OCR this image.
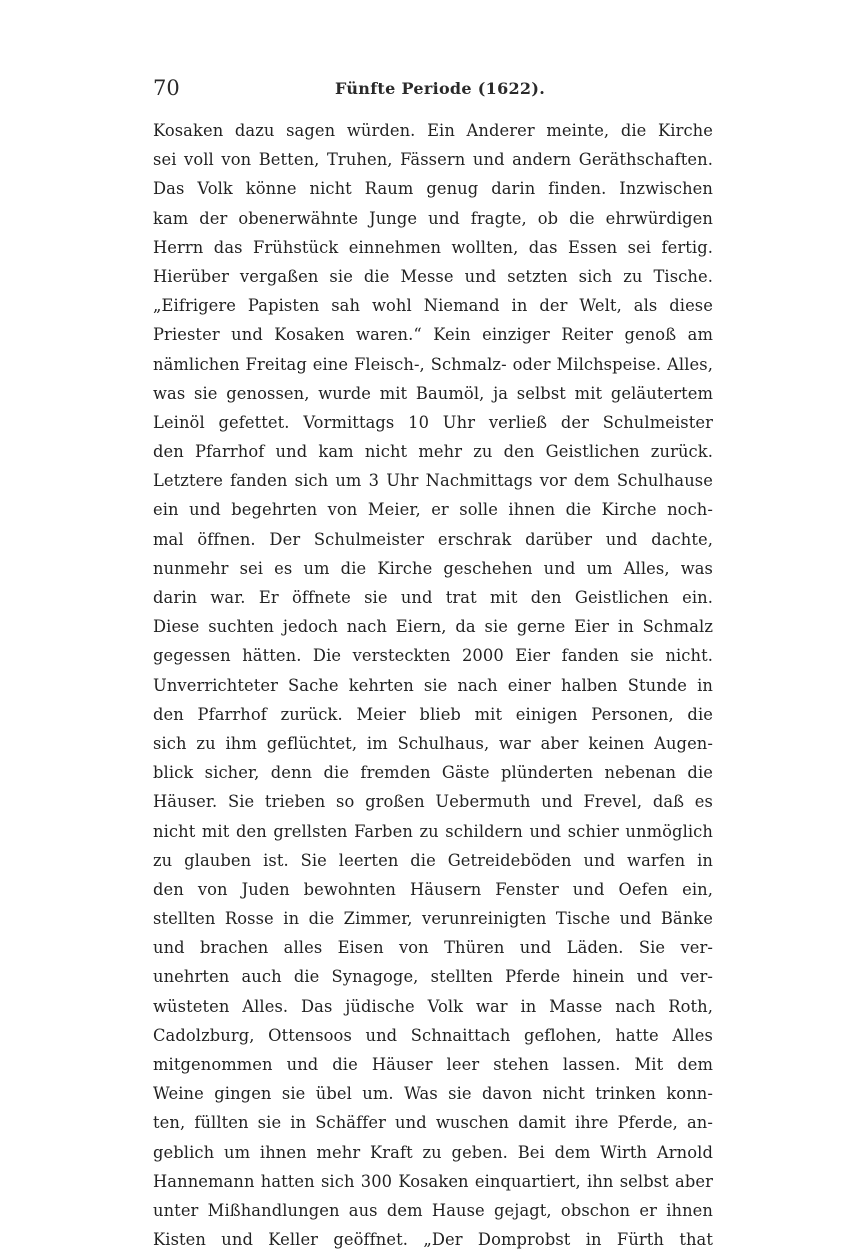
70	Fünfte Periode (1622).
Kosaken dazu sagen würden. Ein Anderer meinte, die Kirche
sei voll von Betten, Truhen, Fässern und andern Geräthschaften.
Das Volk könne nicht Raum genug darin finden. Inzwischen
kam der obenerwähnte Junge und fragte, ob die ehrwürdigen
Herrn das Frühstück einnehmen wollten, das Essen sei fertig.
Hierüber vergaßen sie die Messe und setzten sich zu Tische.
„Eifrigere Papisten sah wohl Niemand in der Welt, als diese
Priester und Kosaken waren.“ Kein einziger Reiter genoß am
nämlichen Freitag eine Fleisch-, Schmalz- oder Milchspeise. Alles,
was sie genossen, wurde mit Baumöl, ja selbst mit geläutertem
Leinöl gefettet. Vormittags 10 Uhr verließ der Schulmeister
den Pfarrhof und kam nicht mehr zu den Geistlichen zurück.
Letztere fanden sich um 3 Uhr Nachmittags vor dem Schulhause
ein und begehrten von Meier, er solle ihnen die Kirche noch-
mal öffnen. Der Schulmeister erschrak darüber und dachte,
nunmehr sei es um die Kirche geschehen und um Alles, was
darin war. Er öffnete sie und trat mit den Geistlichen ein.
Diese suchten jedoch nach Eiern, da sie gerne Eier in Schmalz
gegessen hätten. Die versteckten 2000 Eier fanden sie nicht.
Unverrichteter Sache kehrten sie nach einer halben Stunde in
den Pfarrhof zurück. Meier blieb mit einigen Personen, die
sich zu ihm geflüchtet, im Schulhaus, war aber keinen Augen-
blick sicher, denn die fremden Gäste plünderten nebenan die
Häuser. Sie trieben so großen Uebermuth und Frevel, daß es
nicht mit den grellsten Farben zu schildern und schier unmöglich
zu glauben ist. Sie leerten die Getreideböden und warfen in
den von Juden bewohnten Häusern Fenster und Oefen ein,
stellten Rosse in die Zimmer, verunreinigten Tische und Bänke
und brachen alles Eisen von Thüren und Läden. Sie ver-
unehrten auch die Synagoge, stellten Pferde hinein und ver-
wüsteten Alles. Das jüdische Volk war in Masse nach Roth,
Cadolzburg, Ottensoos und Schnaittach geflohen, hatte Alles
mitgenommen und die Häuser leer stehen lassen. Mit dem
Weine gingen sie übel um. Was sie davon nicht trinken konn-
ten, füllten sie in Schäffer und wuschen damit ihre Pferde, an-
geblich um ihnen mehr Kraft zu geben. Bei dem Wirth Arnold
Hannemann hatten sich 300 Kosaken einquartiert, ihn selbst aber
unter Mißhandlungen aus dem Hause gejagt, obschon er ihnen
Kisten und Keller geöffnet. „Der Domprobst in Fürth that
